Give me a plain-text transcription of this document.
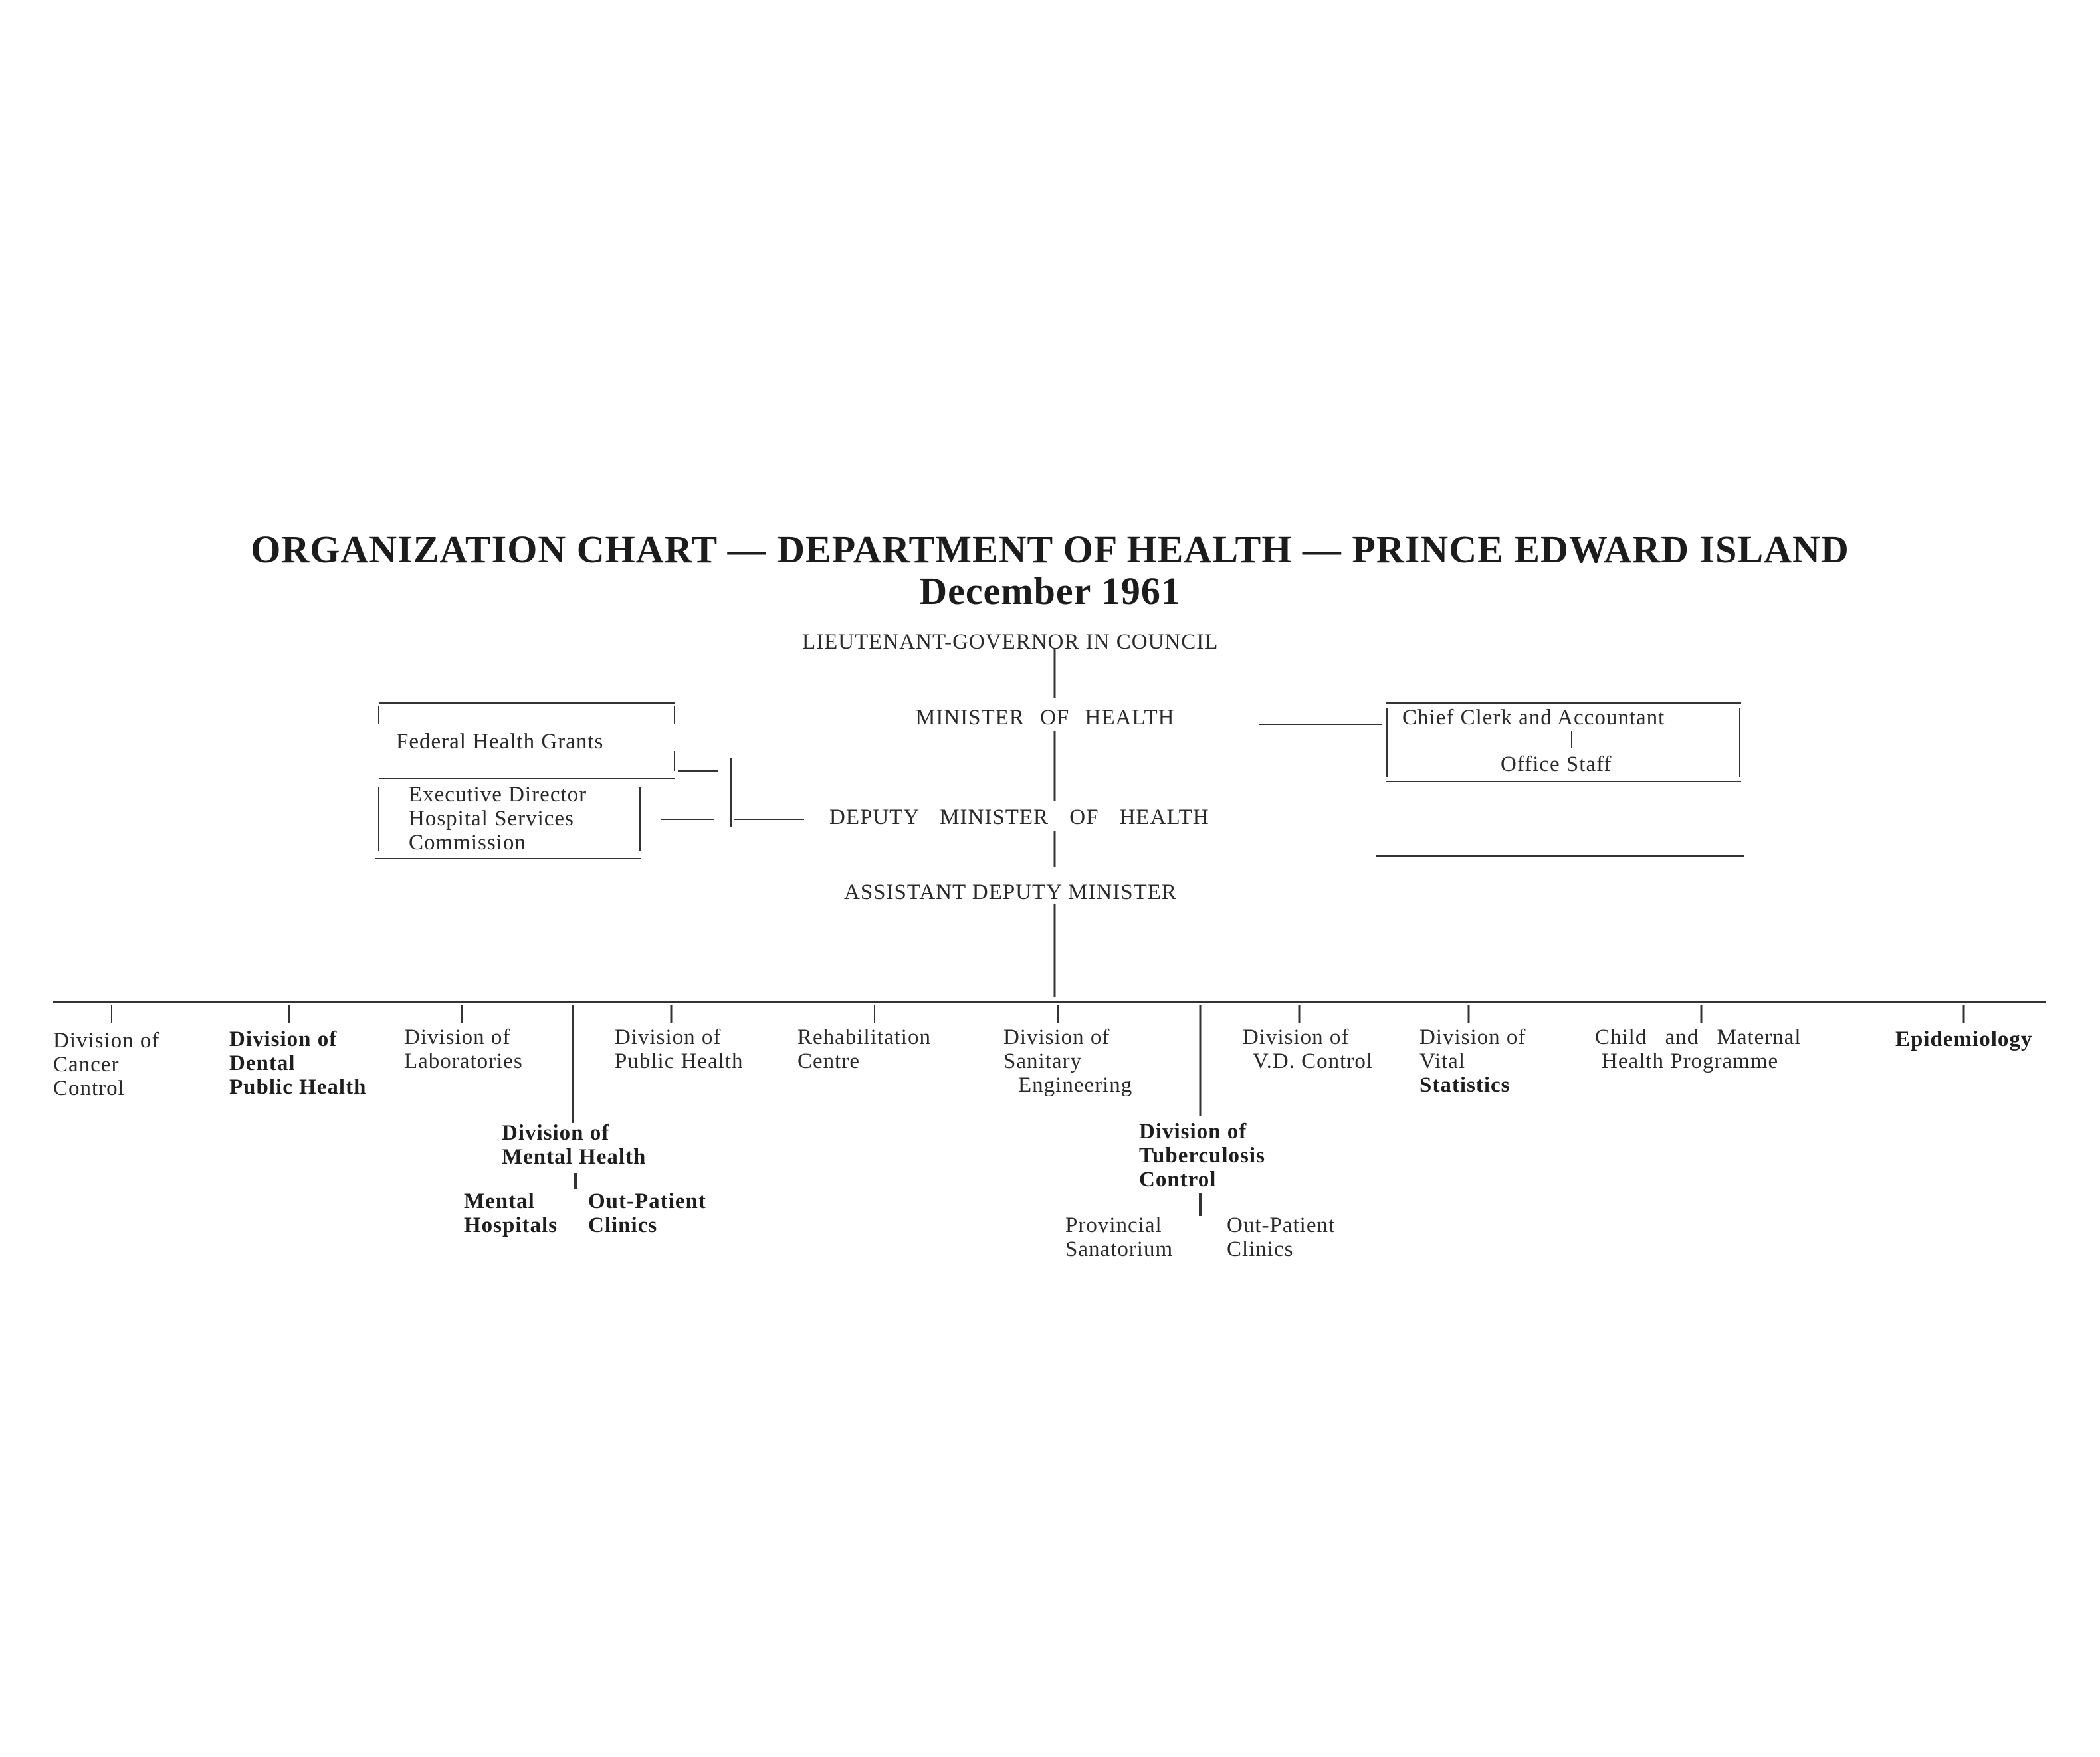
ORGANIZATION CHART — DEPARTMENT OF HEALTH — PRINCE EDWARD ISLAND
December 1961
LIEUTENANT-GOVERNOR IN COUNCIL
MINISTER OF HEALTH
DEPUTY MINISTER OF HEALTH
ASSISTANT DEPUTY MINISTER
Federal Health Grants
Executive Director
Hospital Services
Commission
Chief Clerk and Accountant
Office Staff
Division of
Cancer
Control
Division of
Dental
Public Health
Division of
Laboratories
Division of
Mental Health
Mental
Hospitals
Out-Patient
Clinics
Division of
Public Health
Rehabilitation
Centre
Division of
Sanitary
Engineering
Division of
Tuberculosis
Control
Provincial
Sanatorium
Out-Patient
Clinics
Division of
V.D. Control
Division of
Vital
Statistics
Child and Maternal
Health Programme
Epidemiology
